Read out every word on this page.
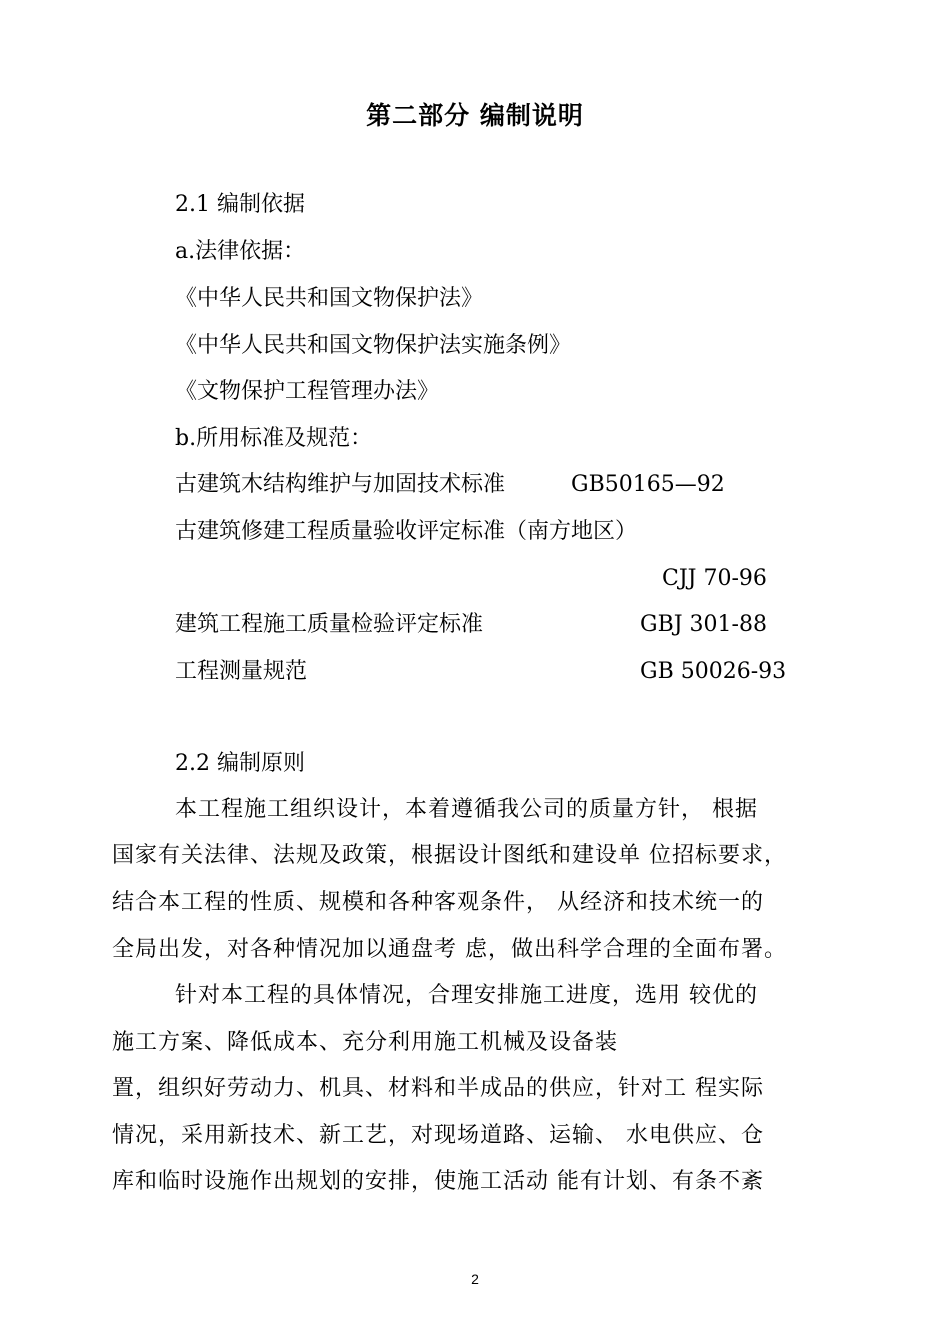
第二部分 编制说明
2.1 编制依据
a.法律依据：
《中华人民共和国文物保护法》
《中华人民共和国文物保护法实施条例》
《文物保护工程管理办法》
b.所用标准及规范：
古建筑木结构维护与加固技术标准	GB50165—92
古建筑修建工程质量验收评定标准（南方地区）
CJJ 70-96
建筑工程施工质量检验评定标准	GBJ 301-88
工程测量规范	GB 50026-93
2.2 编制原则
本工程施工组织设计，本着遵循我公司的质量方针， 根据
国家有关法律、法规及政策，根据设计图纸和建设单 位招标要求，
结合本工程的性质、规模和各种客观条件， 从经济和技术统一的
全局出发，对各种情况加以通盘考 虑，做出科学合理的全面布署。
针对本工程的具体情况，合理安排施工进度，选用 较优的
施工方案、降低成本、充分利用施工机械及设备装
置，组织好劳动力、机具、材料和半成品的供应，针对工 程实际
情况，采用新技术、新工艺，对现场道路、运输、 水电供应、仓
库和临时设施作出规划的安排，使施工活动 能有计划、有条不紊
2
